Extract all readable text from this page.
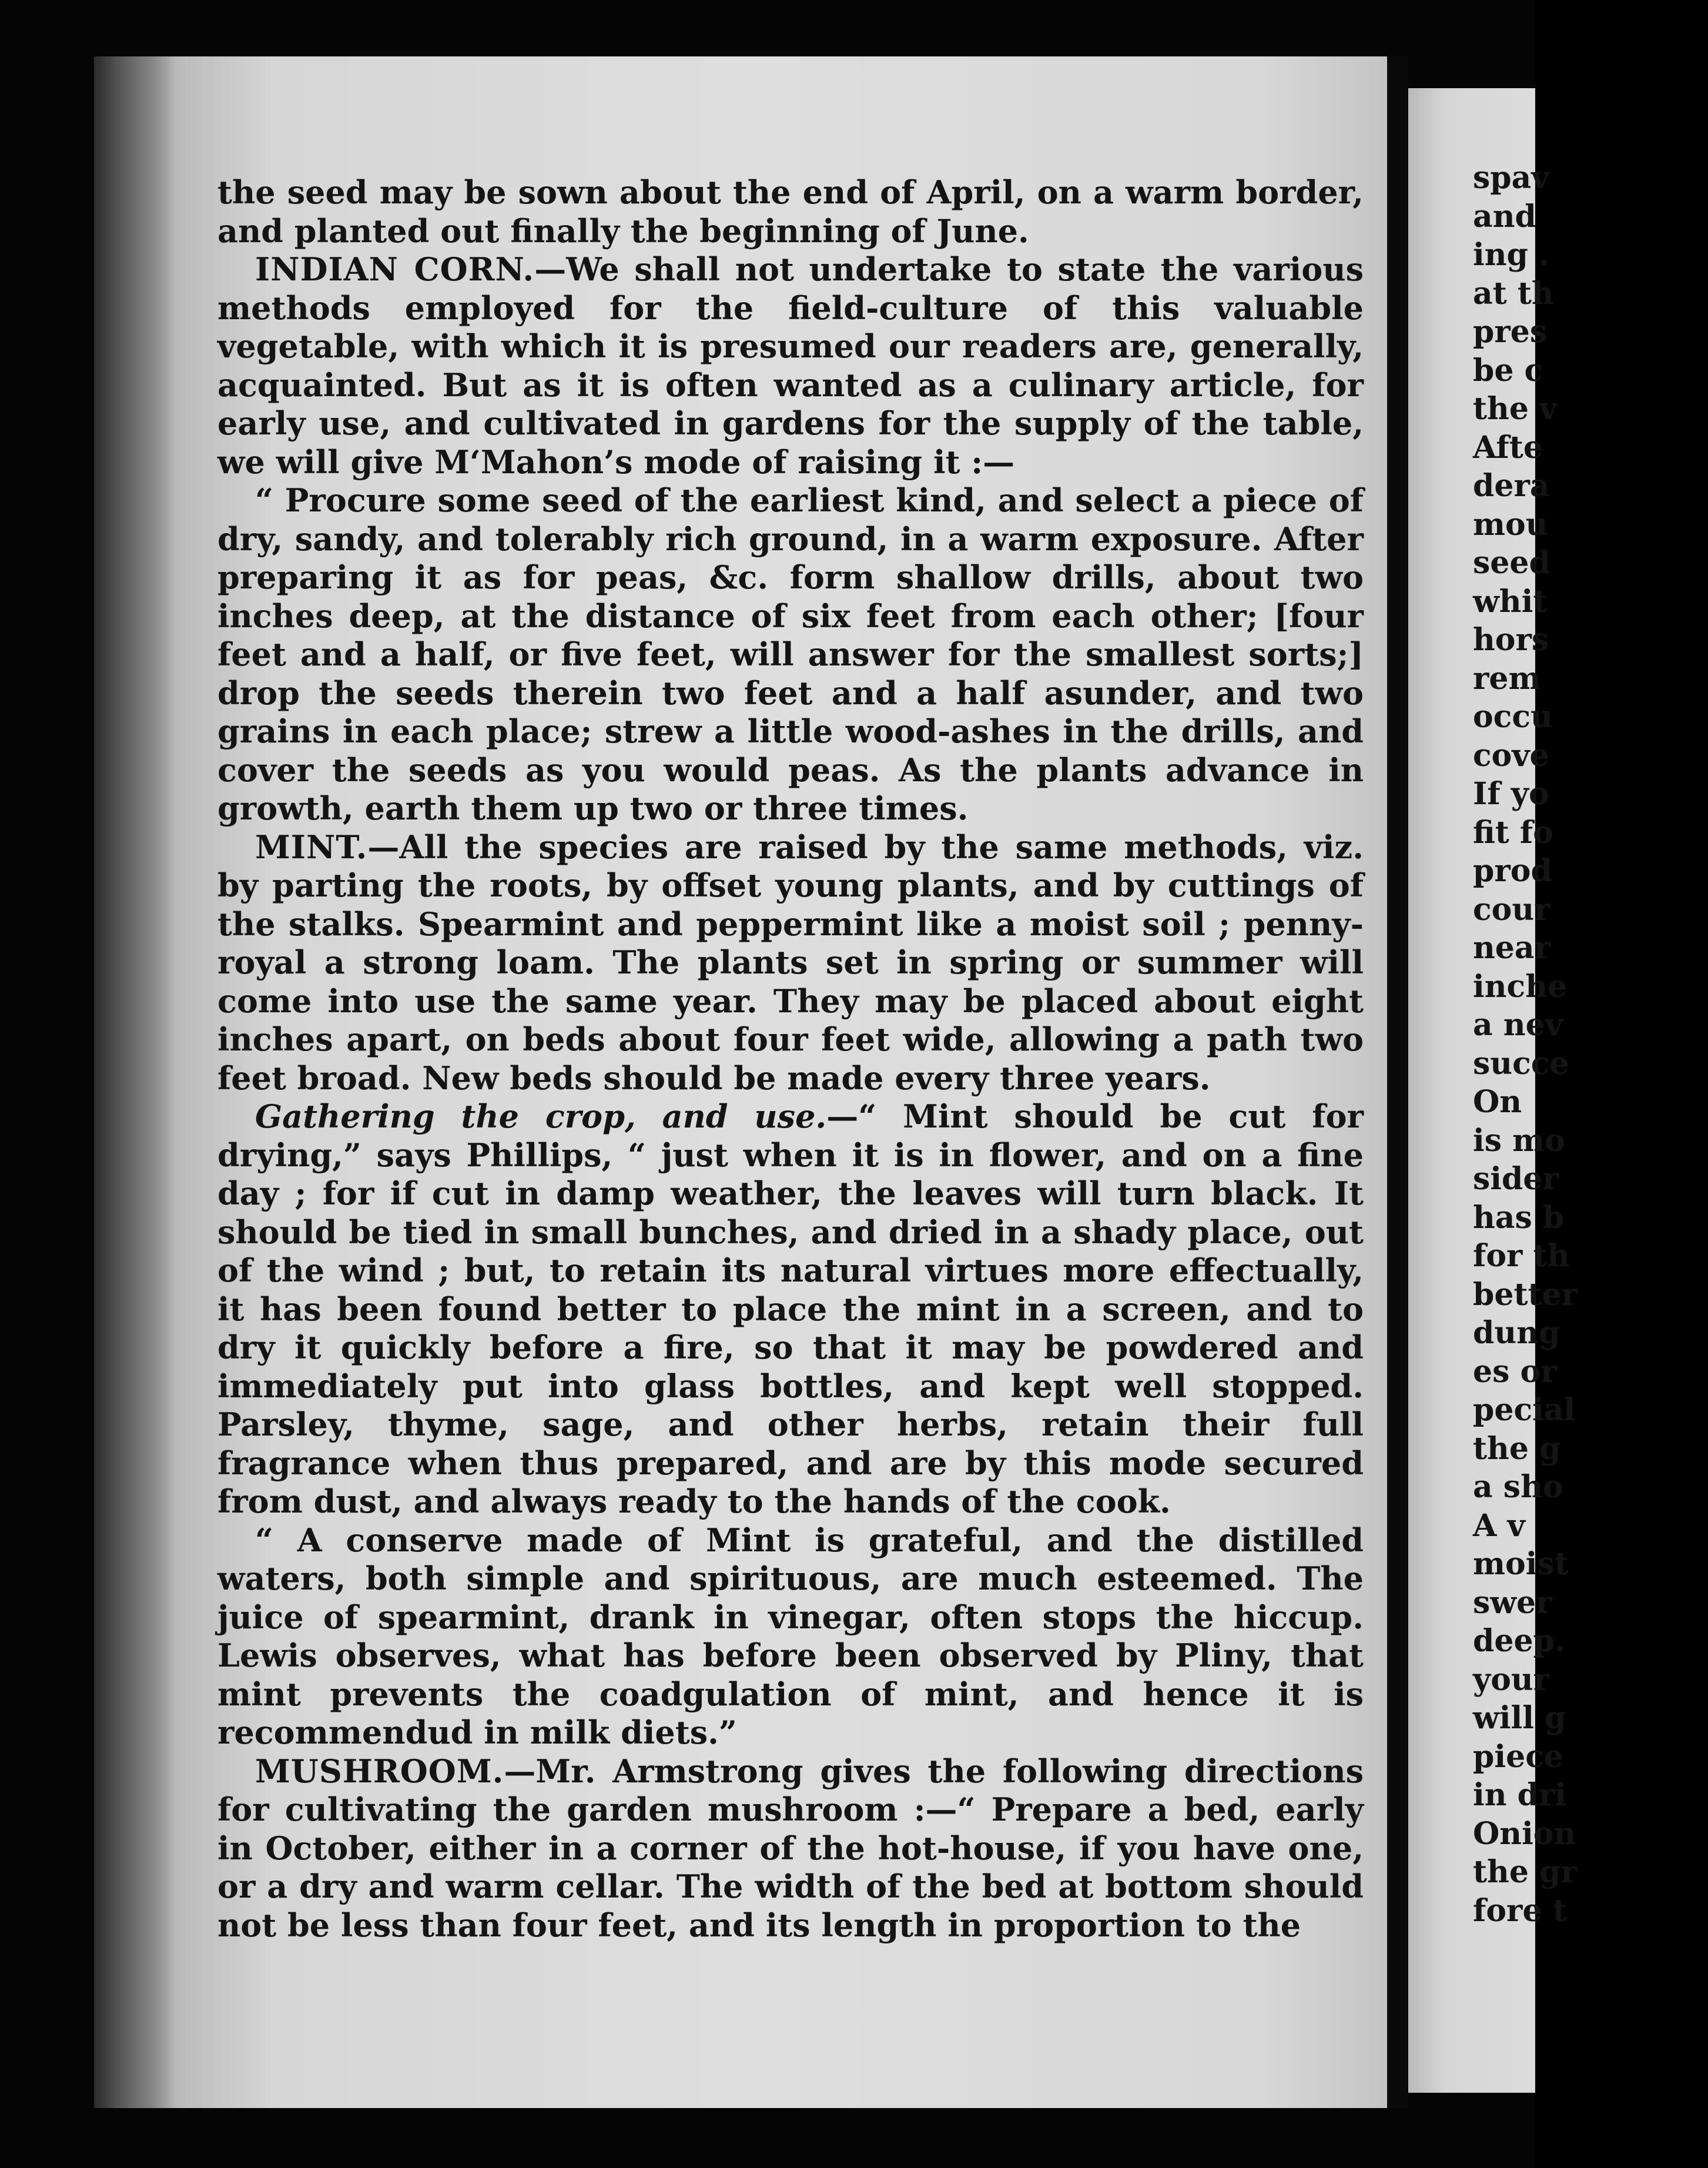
spav
and
ing .
at th
pres
be c
the v
Afte
dera
mou
seed
whit
hors
rem
occu
cove
If yo
fit fo
prod
cour
near
inche
a nev
succe
On
is mo
sider
has b
for th
better
dung
es or
pecial
the g
a sho
A v
moist
swer
deep.
your
will g
piece
in dri
Onion
the gr
fore t

the seed may be sown about the end of April, on a warm border, and planted out finally the beginning of June.

INDIAN CORN.—We shall not undertake to state the various methods employed for the field-culture of this valuable vegetable, with which it is presumed our readers are, generally, acquainted. But as it is often wanted as a culinary article, for early use, and cultivated in gardens for the supply of the table, we will give M‘Mahon’s mode of raising it :—

“ Procure some seed of the earliest kind, and select a piece of dry, sandy, and tolerably rich ground, in a warm exposure. After preparing it as for peas, &c. form shallow drills, about two inches deep, at the distance of six feet from each other; [four feet and a half, or five feet, will answer for the smallest sorts;] drop the seeds therein two feet and a half asunder, and two grains in each place; strew a little wood-ashes in the drills, and cover the seeds as you would peas. As the plants advance in growth, earth them up two or three times.

MINT.—All the species are raised by the same methods, viz. by parting the roots, by offset young plants, and by cuttings of the stalks. Spearmint and peppermint like a moist soil ; penny-royal a strong loam. The plants set in spring or summer will come into use the same year. They may be placed about eight inches apart, on beds about four feet wide, allowing a path two feet broad. New beds should be made every three years.

Gathering the crop, and use.—“ Mint should be cut for drying,” says Phillips, “ just when it is in flower, and on a fine day ; for if cut in damp weather, the leaves will turn black. It should be tied in small bunches, and dried in a shady place, out of the wind ; but, to retain its natural virtues more effectually, it has been found better to place the mint in a screen, and to dry it quickly before a fire, so that it may be powdered and immediately put into glass bottles, and kept well stopped. Parsley, thyme, sage, and other herbs, retain their full fragrance when thus prepared, and are by this mode secured from dust, and always ready to the hands of the cook.

“ A conserve made of Mint is grateful, and the distilled waters, both simple and spirituous, are much esteemed. The juice of spearmint, drank in vinegar, often stops the hiccup. Lewis observes, what has before been observed by Pliny, that mint prevents the coadgulation of mint, and hence it is recommendud in milk diets.”

MUSHROOM.—Mr. Armstrong gives the following directions for cultivating the garden mushroom :—“ Prepare a bed, early in October, either in a corner of the hot-house, if you have one, or a dry and warm cellar. The width of the bed at bottom should not be less than four feet, and its length in proportion to the
